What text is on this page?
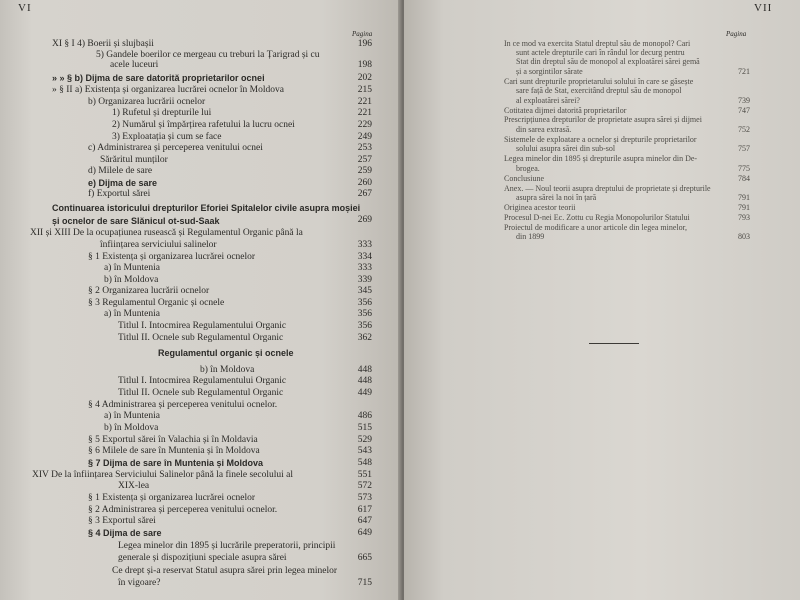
VI
Pagina
XI § I 4) Boerii și slujbașii	196
5) Gandele boerilor ce mergeau cu treburi la Țarigrad și cu
acele luceuri	198
» » § b) Dijma de sare datorită proprietarilor ocnei	202
» § II a) Existența și organizarea lucrărei ocnelor în Moldova	215
b) Organizarea lucrării ocnelor	221
1) Rufetul și drepturile lui	221
2) Numărul și împărțirea rafetului la lucru ocnei	229
3) Exploatația și cum se face	249
c) Administrarea și perceperea venitului ocnei	253
Sărăritul munților	257
d) Milele de sare	259
e) Dijma de sare	260
f) Exportul sărei	267
Continuarea istoricului drepturilor Eforiei Spitalelor civile asupra moșiei
și ocnelor de sare Slănicul ot-sud-Saak	269
XII și XIII De la ocupațiunea rusească și Regulamentul Organic până la
înființarea serviciului salinelor	333
§ 1 Existența și organizarea lucrărei ocnelor	334
a) în Muntenia	333
b) în Moldova	339
§ 2 Organizarea lucrării ocnelor	345
§ 3 Regulamentul Organic și ocnele	356
a) în Muntenia	356
Titlul I. Intocmirea Regulamentului Organic	356
Titlul II. Ocnele sub Regulamentul Organic	362
Regulamentul organic și ocnele
b) în Moldova	448
Titlul I. Intocmirea Regulamentului Organic	448
Titlul II. Ocnele sub Regulamentul Organic	449
§ 4 Administrarea și perceperea venitului ocnelor.
a) în Muntenia	486
b) în Moldova	515
§ 5 Exportul sărei în Valachia și în Moldavia	529
§ 6 Milele de sare în Muntenia și în Moldova	543
§ 7 Dijma de sare în Muntenia și Moldova	548
XIV De la înființarea Serviciului Salinelor până la finele secolului al	551
XIX-lea	572
§ 1 Existența și organizarea lucrărei ocnelor	573
§ 2 Administrarea și perceperea venitului ocnelor.	617
§ 3 Exportul sărei	647
§ 4 Dijma de sare	649
Legea minelor din 1895 și lucrările preperatorii, principii
generale și dispozițiuni speciale asupra sărei	665
Ce drept și-a reservat Statul asupra sărei prin legea minelor
în vigoare?	715
VII
Pagina
In ce mod va exercita Statul dreptul său de monopol? Cari
sunt actele drepturile cari în rândul lor decurg pentru
Stat din dreptul său de monopol al exploatărei sărei gemă
și a sorgintilor sărate	721
Cari sunt drepturile proprietarului solului în care se găsește
sare față de Stat, exercitând dreptul său de monopol
al exploatărei sărei?	739
Cotitatea dijmei datorită proprietarilor	747
Prescripțiunea drepturilor de proprietate asupra sărei și dijmei
din sarea extrasă.	752
Sistemele de exploatare a ocnelor și drepturile proprietarilor
solului asupra sărei din sub-sol	757
Legea minelor din 1895 și drepturile asupra minelor din De-
brogea.	775
Conclusiune	784
Anex. — Noul teorii asupra dreptului de proprietate și drepturile
asupra sărei la noi în țară	791
Originea acestor teorii	791
Procesul D-nei Ec. Zottu cu Regia Monopolurilor Statului	793
Proiectul de modificare a unor articole din legea minelor,
din 1899	803
